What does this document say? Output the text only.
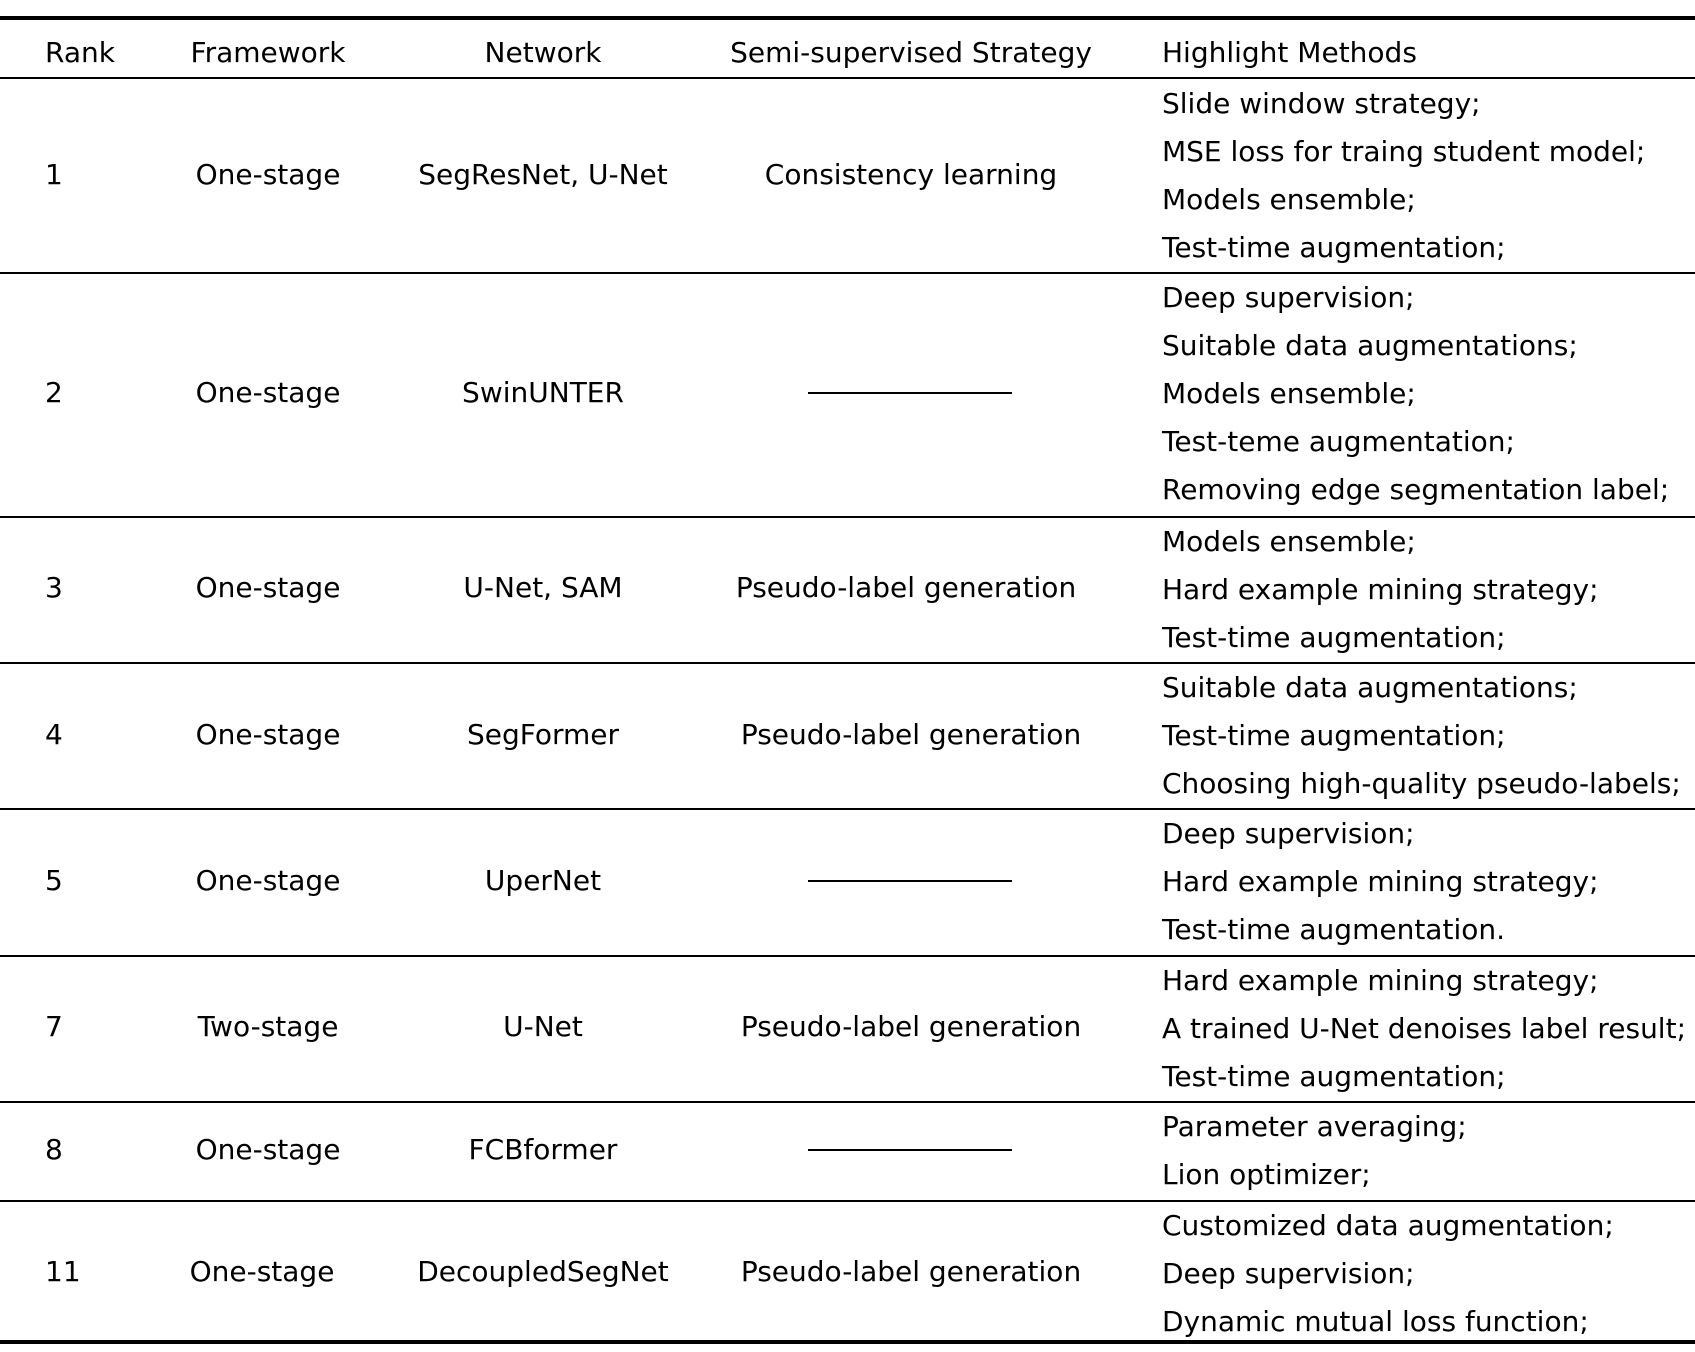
Rank	Framework	Network	Semi-supervised Strategy	Highlight Methods
1	One-stage	SegResNet, U-Net	Consistency learning
Slide window strategy;
MSE loss for traing student model;
Models ensemble;
Test-time augmentation;
2	One-stage	SwinUNTER
Deep supervision;
Suitable data augmentations;
Models ensemble;
Test-teme augmentation;
Removing edge segmentation label;
3	One-stage	U-Net, SAM	Pseudo-label generation
Models ensemble;
Hard example mining strategy;
Test-time augmentation;
4	One-stage	SegFormer	Pseudo-label generation
Suitable data augmentations;
Test-time augmentation;
Choosing high-quality pseudo-labels;
5	One-stage	UperNet
Deep supervision;
Hard example mining strategy;
Test-time augmentation.
7	Two-stage	U-Net	Pseudo-label generation
Hard example mining strategy;
A trained U-Net denoises label result;
Test-time augmentation;
8	One-stage	FCBformer
Parameter averaging;
Lion optimizer;
11	One-stage	DecoupledSegNet	Pseudo-label generation
Customized data augmentation;
Deep supervision;
Dynamic mutual loss function;
